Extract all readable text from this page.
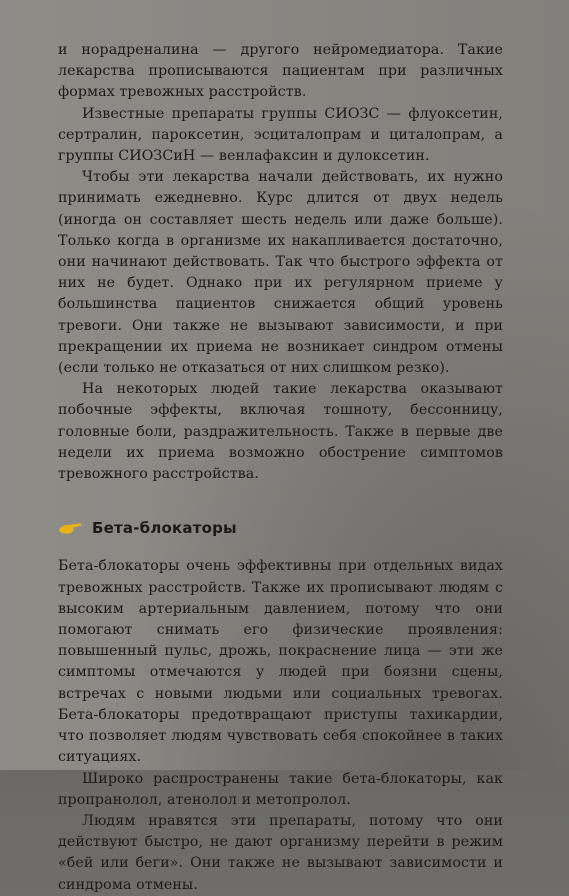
и норадреналина — другого нейромедиатора. Такие лекарства прописываются пациентам при различных формах тревожных расстройств.

Известные препараты группы СИОЗС — флуоксетин, сертралин, пароксетин, эсциталопрам и циталопрам, а группы СИОЗСиН — венлафаксин и дулоксетин.

Чтобы эти лекарства начали действовать, их нужно принимать ежедневно. Курс длится от двух недель (иногда он составляет шесть недель или даже больше). Только когда в организме их накапливается достаточно, они начинают действовать. Так что быстрого эффекта от них не будет. Однако при их регулярном приеме у большинства пациентов снижается общий уровень тревоги. Они также не вызывают зависимости, и при прекращении их приема не возникает синдром отмены (если только не отказаться от них слишком резко).

На некоторых людей такие лекарства оказывают побочные эффекты, включая тошноту, бессонницу, головные боли, раздражительность. Также в первые две недели их приема возможно обострение симптомов тревожного расстройства.

Бета-блокаторы

Бета-блокаторы очень эффективны при отдельных видах тревожных расстройств. Также их прописывают людям с высоким артериальным давлением, потому что они помогают снимать его физические проявления: повышенный пульс, дрожь, покраснение лица — эти же симптомы отмечаются у людей при боязни сцены, встречах с новыми людьми или социальных тревогах. Бета-блокаторы предотвращают приступы тахикардии, что позволяет людям чувствовать себя спокойнее в таких ситуациях.

Широко распространены такие бета-блокаторы, как пропранолол, атенолол и метопролол.

Людям нравятся эти препараты, потому что они действуют быстро, не дают организму перейти в режим «бей или беги». Они также не вызывают зависимости и синдрома отмены.
